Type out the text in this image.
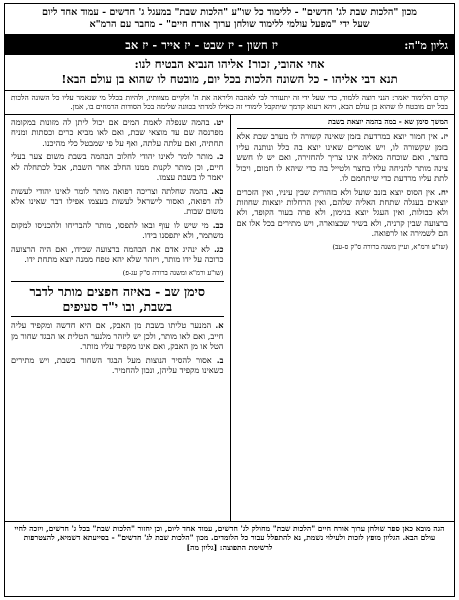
מכון "הלכות שבת לג' חדשים" - ללימוד כל שו"ע "הלכות שבת" במעגל ג' חדשים - עמוד אחד ליום
שעל ידי "מפעל עולמי ללימוד שולחן ערוך אורח חיים" - מחבר עם הרמ"א
גליון מ"ה:
יז חשון - יז שבט - יז אייר - יז אב
אחי אהובי, זכור! אליהו הנביא הבטיח לנו:
תנא דבי אליהו - כל השונה הלכות בכל יום, מובטח לו שהוא בן עולם הבא!
קודם הלימוד יאמר: הנני רוצה ללמוד, כדי שעל ידי זה יתעורר לבי לאהבה וליראה את ה' ולקיים מצוותיו, ולהיות בכלל מי שנאמר עליו כל השונה הלכות בכל יום מובטח לו שהוא בן עולם הבא, ויהא רעוא קדמך שיתקבל לימודי זה כאילו למדתי בכוונה שלימה בכל הסודות הרמוזים בו, אמן.
המשך סימן שא - במה בהמה יוצאת בשבת

יז. אין חמור יוצא במרדעת בזמן שאינה קשורה לו מערב שבת אלא בזמן שקשורה לו, ויש אומרים שאינו יוצא בה כלל ונותנה עליו בחצר, ואם שוכחה מאליה אינו צריך להחזירה, ואם יש לו חשש צינה מותר להניחה עליו בחצר ולטייל בה כדי שיהא לו חמום, ויכול לתת עליו מרדעת כדי שיתחמם לו.

יח. אין הסוס יוצא בזנב שועל ולא בזהורית שבין עיניו, ואין הזכרים יוצאים בעגלה שתחת האליה שלהם, ואין הרחלות יוצאות שחוזות ולא כבולות, ואין העגל יוצא בגימון, ולא פרה בעור הקופד, ולא ברצועה שבין קרניה, ולא בשיר שבצוארה, ויש מתירים בכל אלו אם הם לשמירה או לרפואה.

(שו"ע ורמ"א, ועיין משנה ברורה ס"ק ס-עב)

יט. בהמה שנפלה לאמת המים אם יכול ליתן לה מזונות במקומה מפרנסה שם עד מוצאי שבת, ואם לאו מביא כרים וכסתות ומניח תחתיה, ואם עלתה עלתה, ואף על פי שמבטל כלי מהיכנו.

כ. מותר לומר לאינו יהודי לחלוב הבהמה בשבת משום צער בעלי חיים, וכן מותר לקנות ממנו החלב אחר השבת, אבל לכתחלה לא יאמר לו בשבת עצמו.

כא. בהמה שחלתה וצריכה רפואה מותר לומר לאינו יהודי לעשות לה רפואה, ואסור לישראל לעשות בעצמו אפילו דבר שאינו אלא משום שבות.

כב. מי שיש לו עוף ובאו לתפסו, מותר להבריחו ולהכניסו למקום משתמר, ולא יתפסנו בידו.

כג. לא ינהיג אדם את הבהמה ברצועה שבידו, ואם היה הרצועה כרוכה על ידו מותר, ויזהר שלא יהא טפח ממנה יוצא מתחת ידו.

(שו"ע ורמ"א ומשנה ברורה ס"ק עג-פ)
סימן שב - באיזה חפצים מותר לדבר בשבת, ובו י"ד סעיפים

א. המנער טליתו בשבת מן האבק, אם היא חדשה ומקפיד עליה חייב, ואם לאו מותר, ולכן יש ליזהר מלנער הטלית או הבגד שחור מן הטל או מן האבק, ואם אינו מקפיד עליו מותר.

ב. אסור להסיר הנוצות מעל הבגד השחור בשבת, ויש מתירים כשאינו מקפיד עליהן, ונכון להחמיר.

הגה מובא כאן ספר שולחן ערוך אורח חיים "הלכות שבת" מחולק לג' חדשים, עמוד אחד ליום, וכן יחזור "הלכות שבת" בכל ג' חדשים, ויזכה לחיי עולם הבא. הגליון מופץ לזכות ולעילוי נשמת, נא להתפלל עבור כל הלומדים. מכון "הלכות שבת לג' חדשים" - בסייעתא דשמיא, להצטרפות לרשימת התפוצה: [גליון מה]
